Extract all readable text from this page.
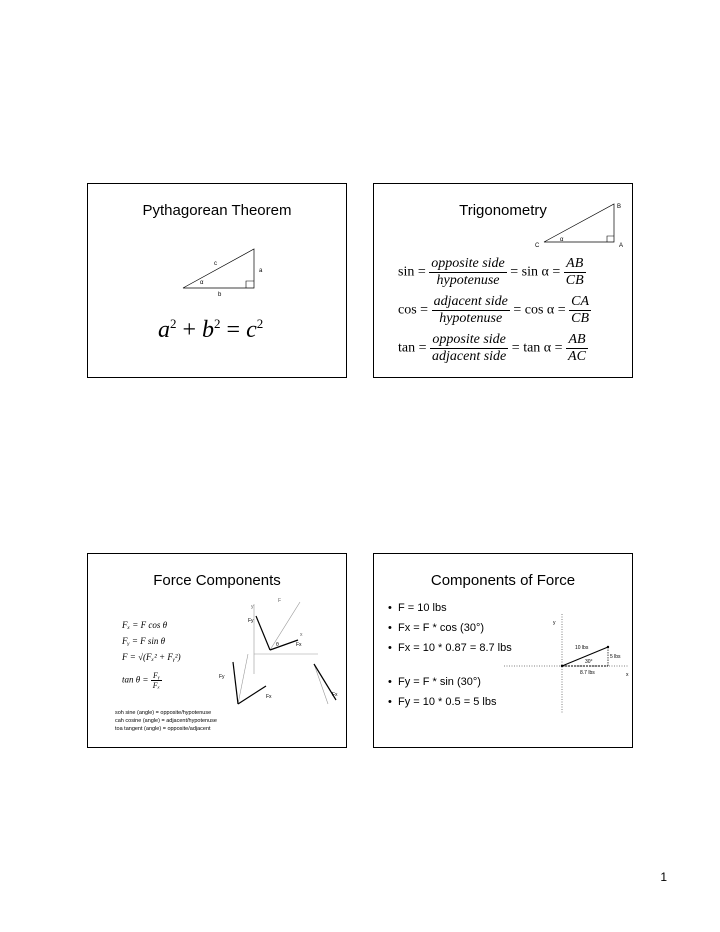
Pythagorean Theorem
c
a
b
α
$a^2 + b^2 = c^2$
Trigonometry	B
C	A
α
$\sin = \frac{\text{opposite side}}{\text{hypotenuse}} = \sin \alpha = \frac{AB}{CB}$
$\cos = \frac{\text{adjacent side}}{\text{hypotenuse}} = \cos \alpha = \frac{CA}{CB}$
$\tan = \frac{\text{opposite side}}{\text{adjacent side}} = \tan \alpha = \frac{AB}{AC}$
Force Components
Fₓ = F cos θ
Fᵧ = F sin θ
F = √(Fₓ² + Fᵧ²)
$\tan \theta = \frac{\text{Fᵧ}}{\text{Fₓ}}$
y
Fy
F
θ
x
Fx
Fx
Fy
Fx
soh sine (angle) = opposite/hypotenuse
cah cosine (angle) = adjacent/hypotenuse
toa tangent (angle) = opposite/adjacent
Components of Force
• F = 10 lbs
• Fx = F * cos (30°)
• Fx = 10 * 0.87 = 8.7 lbs
• Fy = F * sin (30°)
• Fy = 10 * 0.5 = 5 lbs
y
x
10 lbs
5 lbs
30°
8.7 lbs
1
